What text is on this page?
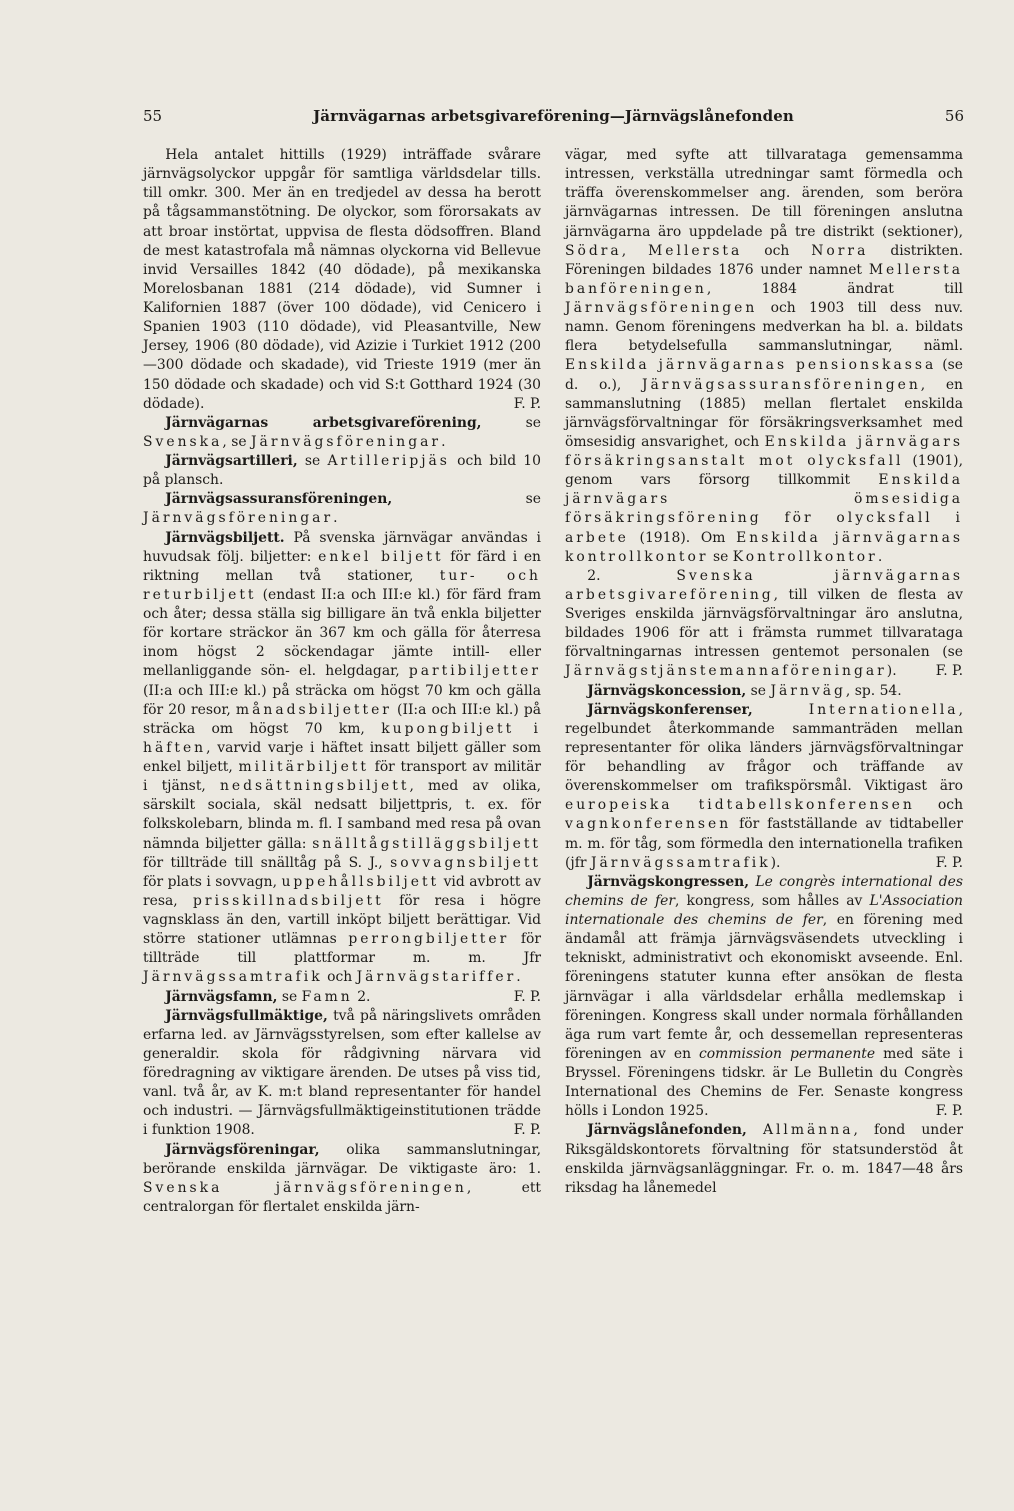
55	Järnvägarnas arbetsgivareförening—Järnvägslånefonden	56

Hela antalet hittills (1929) inträffade svårare järnvägsolyckor uppgår för samtliga världsdelar tills. till omkr. 300. Mer än en tredjedel av dessa ha berott på tågsammanstötning. De olyckor, som förorsakats av att broar instörtat, uppvisa de flesta dödsoffren. Bland de mest katastrofala må nämnas olyckorna vid Bellevue invid Versailles 1842 (40 dödade), på mexikanska Morelosbanan 1881 (214 dödade), vid Sumner i Kalifornien 1887 (över 100 dödade), vid Cenicero i Spanien 1903 (110 dödade), vid Pleasantville, New Jersey, 1906 (80 dödade), vid Azizie i Turkiet 1912 (200—300 dödade och skadade), vid Trieste 1919 (mer än 150 dödade och skadade) och vid S:t Gotthard 1924 (30 dödade).	F. P.

Järnvägarnas arbetsgivareförening,	se Svenska, se Järnvägsföreningar.

Järnvägsartilleri, se Artilleripjäs och bild 10 på plansch.

Järnvägsassuransföreningen,	se Järnvägsföreningar.

Järnvägsbiljett. På svenska järnvägar användas i huvudsak följ. biljetter: enkel biljett för färd i en riktning mellan två stationer, tur- och returbiljett (endast II:a och III:e kl.) för färd fram och åter; dessa ställa sig billigare än två enkla biljetter för kortare sträckor än 367 km och gälla för återresa inom högst 2 söckendagar jämte intill- eller mellanliggande sön- el. helgdagar, partibiljetter (II:a och III:e kl.) på sträcka om högst 70 km och gälla för 20 resor, månadsbiljetter (II:a och III:e kl.) på sträcka om högst 70 km, kupongbiljett i häften, varvid varje i häftet insatt biljett gäller som enkel biljett, militärbiljett för transport av militär i tjänst, nedsättningsbiljett, med av olika, särskilt sociala, skäl nedsatt biljettpris, t. ex. för folkskolebarn, blinda m. fl. I samband med resa på ovan nämnda biljetter gälla: snälltågstilläggsbiljett för tillträde till snälltåg på S. J., sovvagnsbiljett för plats i sovvagn, uppehållsbiljett vid avbrott av resa, prisskillnadsbiljett för resa i högre vagnsklass än den, vartill inköpt biljett berättigar. Vid större stationer utlämnas perrongbiljetter för tillträde till plattformar m. m. Jfr Järnvägssamtrafik och Järnvägstariffer.
F. P.

Järnvägsfamn, se Famn 2.

Järnvägsfullmäktige, två på näringslivets områden erfarna led. av Järnvägsstyrelsen, som efter kallelse av generaldir. skola för rådgivning närvara vid föredragning av viktigare ärenden. De utses på viss tid, vanl. två år, av K. m:t bland representanter för handel och industri. — Järnvägsfullmäktigeinstitutionen trädde i funktion 1908.	F. P.

Järnvägsföreningar, olika sammanslutningar, berörande enskilda järnvägar. De viktigaste äro: 1. Svenska järnvägsföreningen, ett centralorgan för flertalet enskilda järn-

vägar, med syfte att tillvarataga gemensamma intressen, verkställa utredningar samt förmedla och träffa överenskommelser ang. ärenden, som beröra järnvägarnas intressen. De till föreningen anslutna järnvägarna äro uppdelade på tre distrikt (sektioner), Södra, Mellersta och Norra distrikten. Föreningen bildades 1876 under namnet Mellersta banföreningen, 1884 ändrat till Järnvägsföreningen och 1903 till dess nuv. namn. Genom föreningens medverkan ha bl. a. bildats flera betydelsefulla sammanslutningar, näml. Enskilda järnvägarnas pensionskassa (se d. o.), Järnvägsassuransföreningen, en sammanslutning (1885) mellan flertalet enskilda järnvägsförvaltningar för försäkringsverksamhet med ömsesidig ansvarighet, och Enskilda järnvägars försäkringsanstalt mot olycksfall (1901), genom vars försorg tillkommit Enskilda järnvägars ömsesidiga försäkringsförening för olycksfall i arbete (1918). Om Enskilda järnvägarnas kontrollkontor se Kontrollkontor.

2.	Svenska järnvägarnas arbetsgivareförening, till vilken de flesta av Sveriges enskilda järnvägsförvaltningar äro anslutna, bildades 1906 för att i främsta rummet tillvarataga förvaltningarnas intressen gentemot personalen (se Järnvägstjänstemannaföreningar).	F. P.

Järnvägskoncession, se Järnväg, sp. 54.

Järnvägskonferenser,	Internationella, regelbundet återkommande sammanträden mellan representanter för olika länders järnvägsförvaltningar för behandling av frågor och träffande av överenskommelser om trafikspörsmål. Viktigast äro europeiska tidtabellskonferensen och vagnkonferensen för fastställande av tidtabeller m. m. för tåg, som förmedla den internationella trafiken (jfr Järnvägssamtrafik).	F. P.

Järnvägskongressen, Le congrès international des chemins de fer, kongress, som hålles av L'Association internationale des chemins de fer, en förening med ändamål att främja järnvägsväsendets utveckling i tekniskt, administrativt och ekonomiskt avseende. Enl. föreningens statuter kunna efter ansökan de flesta järnvägar i alla världsdelar erhålla medlemskap i föreningen. Kongress skall under normala förhållanden äga rum vart femte år, och dessemellan representeras föreningen av en commission permanente med säte i Bryssel. Föreningens tidskr. är Le Bulletin du Congrès International des Chemins de Fer. Senaste kongress hölls i London 1925.	F. P.

Järnvägslånefonden, Allmänna, fond under Riksgäldskontorets förvaltning för statsunderstöd åt enskilda järnvägsanläggningar. Fr. o. m. 1847—48 års riksdag ha lånemedel
